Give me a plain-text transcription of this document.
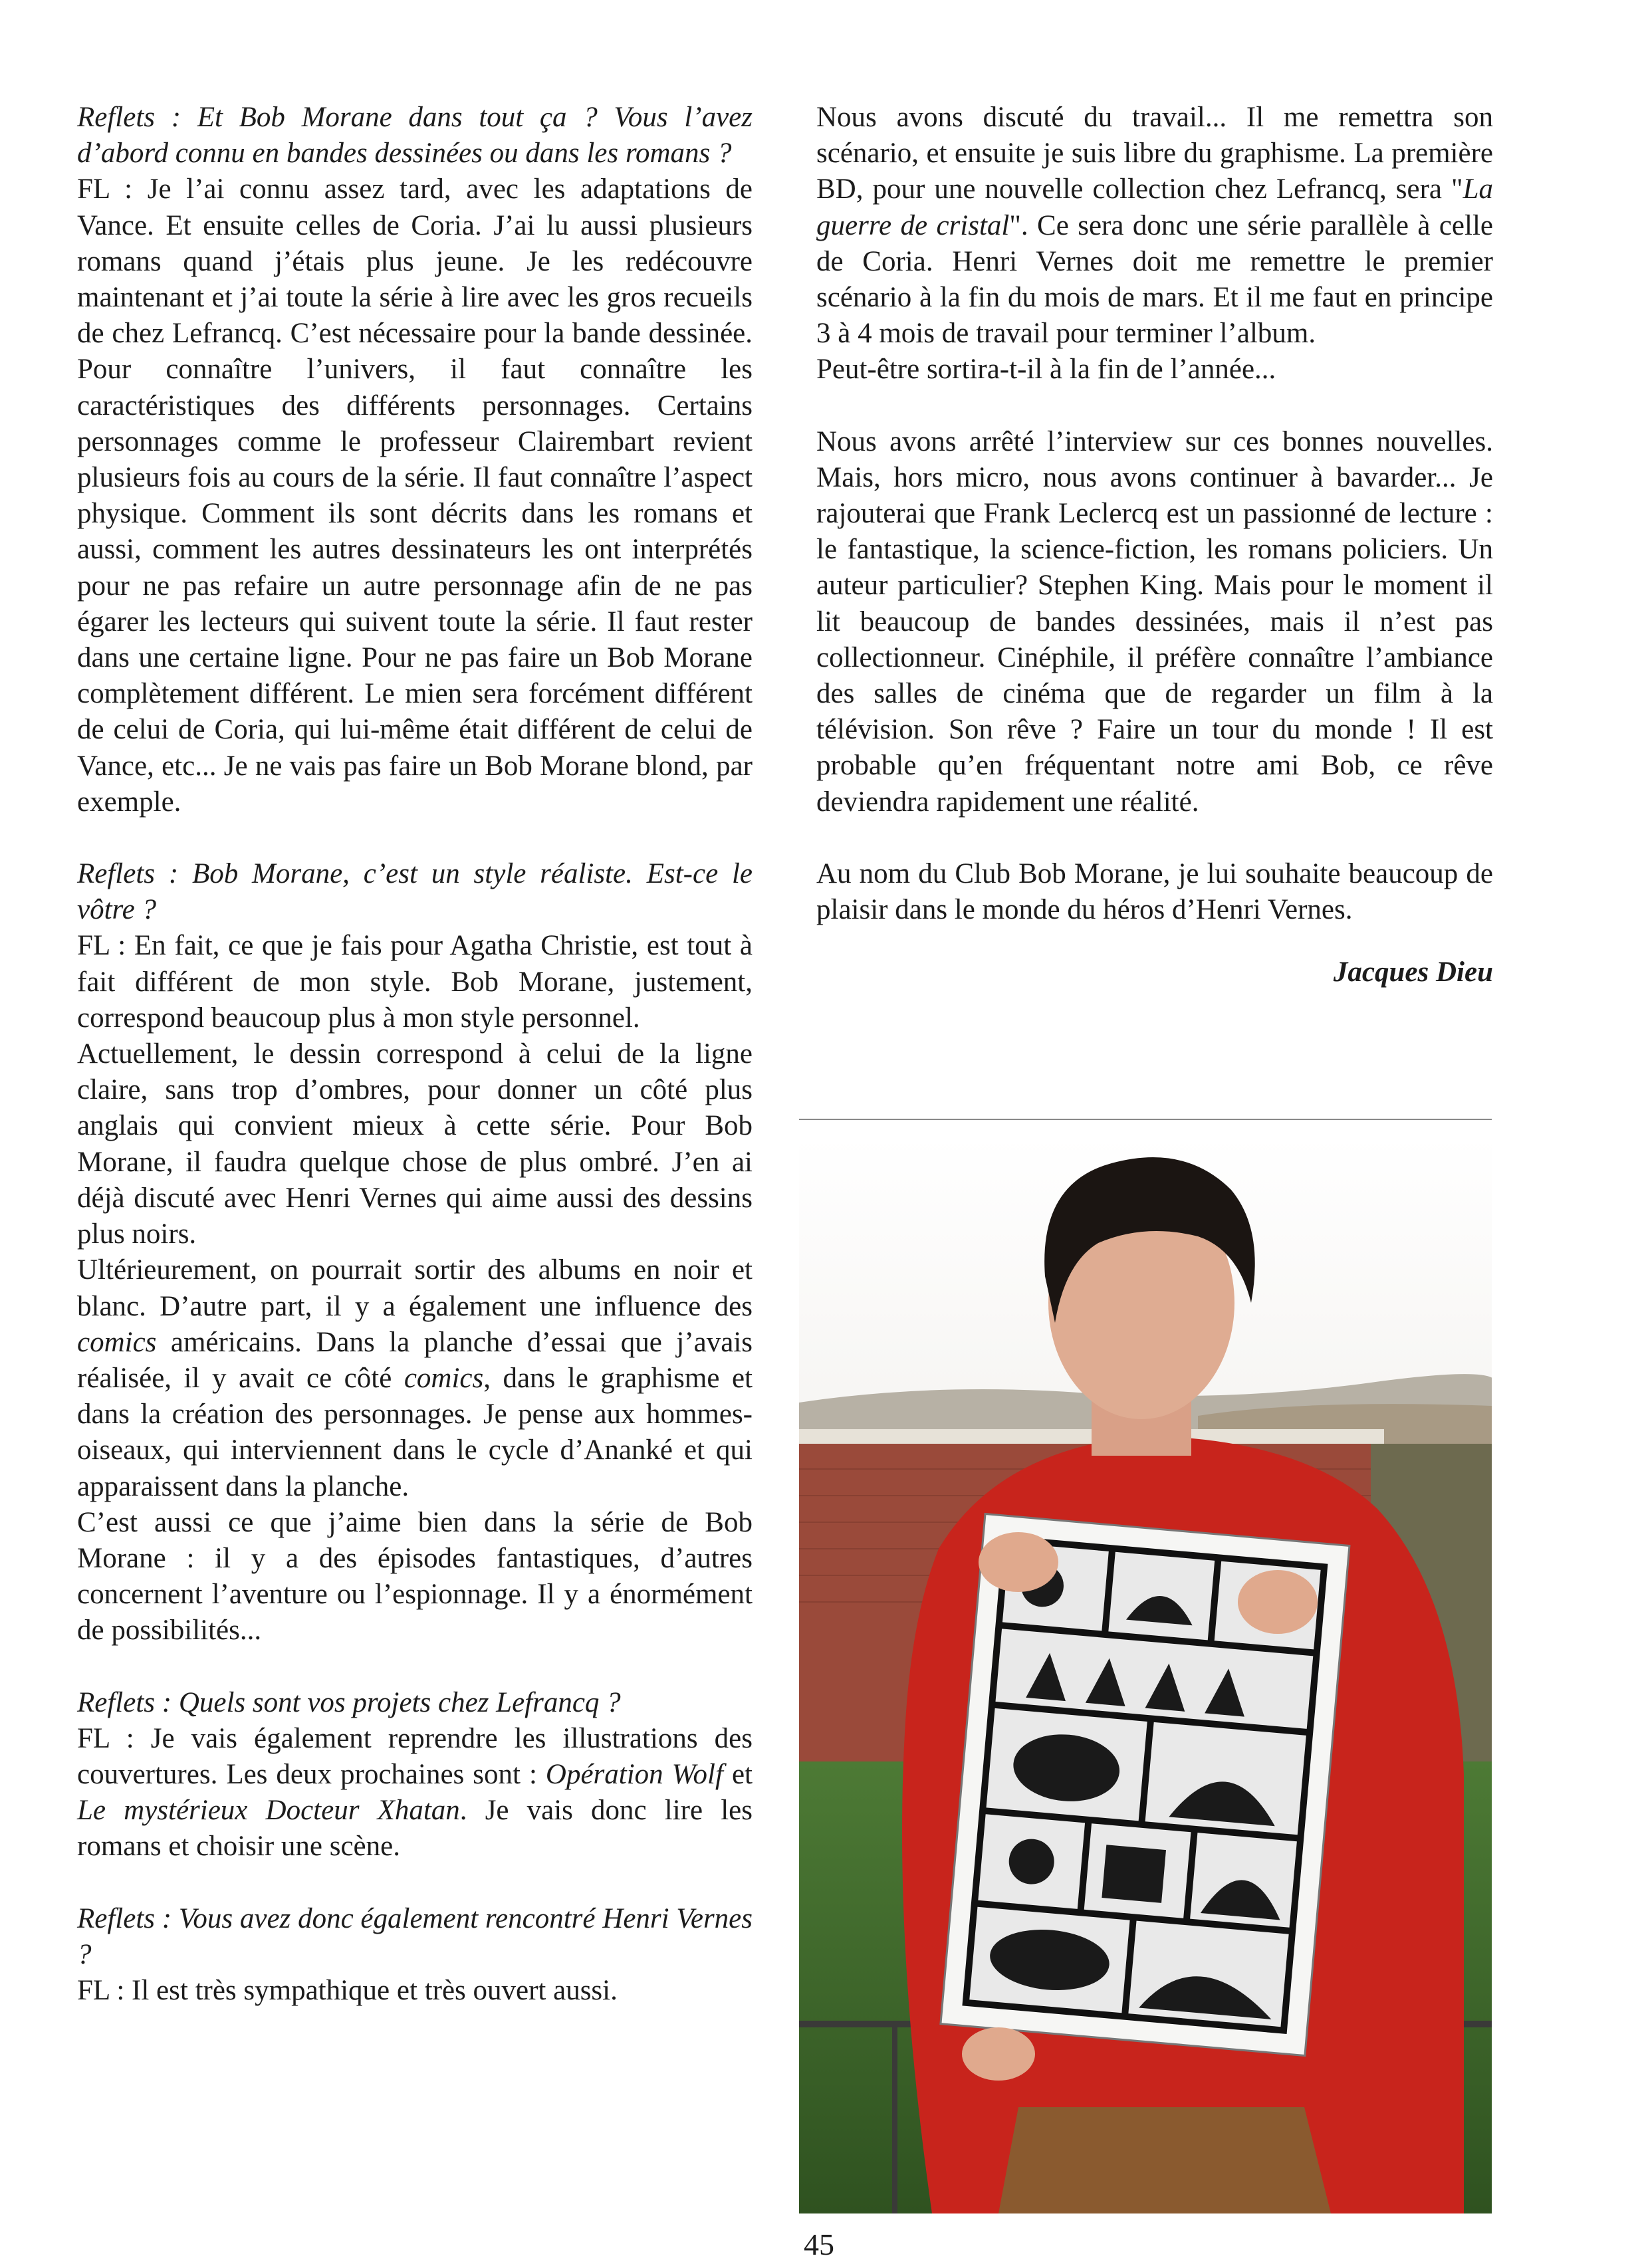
Reflets : Et Bob Morane dans tout ça ? Vous l’avez d’abord connu en bandes dessinées ou dans les romans ?

FL : Je l’ai connu assez tard, avec les adaptations de Vance. Et ensuite celles de Coria. J’ai lu aussi plusieurs romans quand j’étais plus jeune. Je les redécouvre maintenant et j’ai toute la série à lire avec les gros recueils de chez Lefrancq. C’est nécessaire pour la bande dessinée. Pour connaître l’univers, il faut connaître les caractéristiques des différents personnages. Certains personnages comme le professeur Clairembart revient plusieurs fois au cours de la série. Il faut connaître l’aspect physique. Comment ils sont décrits dans les romans et aussi, comment les autres dessinateurs les ont interprétés pour ne pas refaire un autre personnage afin de ne pas égarer les lecteurs qui suivent toute la série. Il faut rester dans une certaine ligne. Pour ne pas faire un Bob Morane complètement différent. Le mien sera forcément différent de celui de Coria, qui lui-même était différent de celui de Vance, etc... Je ne vais pas faire un Bob Morane blond, par exemple.

Reflets : Bob Morane, c’est un style réaliste. Est-ce le vôtre ?

FL : En fait, ce que je fais pour Agatha Christie, est tout à fait différent de mon style. Bob Morane, justement, correspond beaucoup plus à mon style personnel.

Actuellement, le dessin correspond à celui de la ligne claire, sans trop d’ombres, pour donner un côté plus anglais qui convient mieux à cette série. Pour Bob Morane, il faudra quelque chose de plus ombré. J’en ai déjà discuté avec Henri Vernes qui aime aussi des dessins plus noirs.

Ultérieurement, on pourrait sortir des albums en noir et blanc. D’autre part, il y a également une influence des comics américains. Dans la planche d’essai que j’avais réalisée, il y avait ce côté comics, dans le graphisme et dans la création des personnages. Je pense aux hommes-oiseaux, qui interviennent dans le cycle d’Ananké et qui apparaissent dans la planche.

C’est aussi ce que j’aime bien dans la série de Bob Morane : il y a des épisodes fantastiques, d’autres concernent l’aventure ou l’espionnage. Il y a énormément de possibilités...

Reflets : Quels sont vos projets chez Lefrancq ?

FL : Je vais également reprendre les illustrations des couvertures. Les deux prochaines sont : Opération Wolf et Le mystérieux Docteur Xhatan. Je vais donc lire les romans et choisir une scène.

Reflets : Vous avez donc également rencontré Henri Vernes ?

FL : Il est très sympathique et très ouvert aussi.

Nous avons discuté du travail... Il me remettra son scénario, et ensuite je suis libre du graphisme. La première BD, pour une nouvelle collection chez Lefrancq, sera "La guerre de cristal". Ce sera donc une série parallèle à celle de Coria. Henri Vernes doit me remettre le premier scénario à la fin du mois de mars. Et il me faut en principe 3 à 4 mois de travail pour terminer l’album.

Peut-être sortira-t-il à la fin de l’année...

Nous avons arrêté l’interview sur ces bonnes nouvelles. Mais, hors micro, nous avons continuer à bavarder... Je rajouterai que Frank Leclercq est un passionné de lecture : le fantastique, la science-fiction, les romans policiers. Un auteur particulier? Stephen King. Mais pour le moment il lit beaucoup de bandes dessinées, mais il n’est pas collectionneur. Cinéphile, il préfère connaître l’ambiance des salles de cinéma que de regarder un film à la télévision. Son rêve ? Faire un tour du monde ! Il est probable qu’en fréquentant notre ami Bob, ce rêve deviendra rapidement une réalité.

Au nom du Club Bob Morane, je lui souhaite beaucoup de plaisir dans le monde du héros d’Henri Vernes.

Jacques Dieu

45
